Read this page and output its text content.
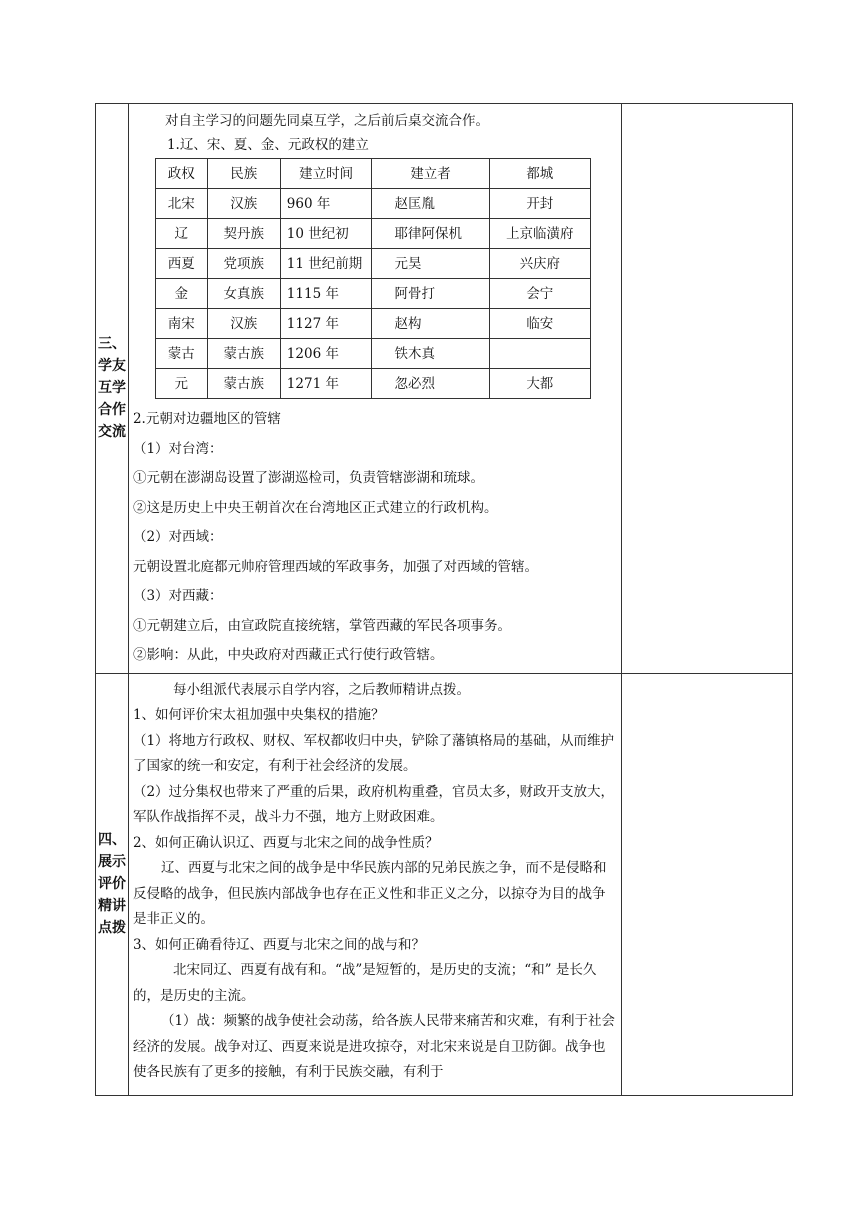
三、学友互学合作交流	

对自主学习的问题先同桌互学，之后前后桌交流合作。

1.辽、宋、夏、金、元政权的建立

政权	民族	建立时间	建立者	都城
北宋	汉族	960 年	赵匡胤	开封
辽	契丹族	10 世纪初	耶律阿保机	上京临潢府
西夏	党项族	11 世纪前期	元昊	兴庆府
金	女真族	1115 年	阿骨打	会宁
南宋	汉族	1127 年	赵构	临安
蒙古	蒙古族	1206 年	铁木真	
元	蒙古族	1271 年	忽必烈	大都

2.元朝对边疆地区的管辖

（1）对台湾：

①元朝在澎湖岛设置了澎湖巡检司，负责管辖澎湖和琉球。

②这是历史上中央王朝首次在台湾地区正式建立的行政机构。

（2）对西域：

元朝设置北庭都元帅府管理西域的军政事务，加强了对西域的管辖。

（3）对西藏：

①元朝建立后，由宣政院直接统辖，掌管西藏的军民各项事务。

②影响：从此，中央政府对西藏正式行使行政管辖。

四、展示评价精讲点拨	

每小组派代表展示自学内容，之后教师精讲点拨。

1、如何评价宋太祖加强中央集权的措施？

（1）将地方行政权、财权、军权都收归中央，铲除了藩镇格局的基础，从而维护了国家的统一和安定，有利于社会经济的发展。

（2）过分集权也带来了严重的后果，政府机构重叠，官员太多，财政开支放大，军队作战指挥不灵，战斗力不强，地方上财政困难。

2、如何正确认识辽、西夏与北宋之间的战争性质？

辽、西夏与北宋之间的战争是中华民族内部的兄弟民族之争，而不是侵略和反侵略的战争，但民族内部战争也存在正义性和非正义之分，以掠夺为目的战争是非正义的。

3、如何正确看待辽、西夏与北宋之间的战与和？

北宋同辽、西夏有战有和。“战”是短暂的，是历史的支流；“和” 是长久的，是历史的主流。

（1）战：频繁的战争使社会动荡，给各族人民带来痛苦和灾难，有利于社会经济的发展。战争对辽、西夏来说是进攻掠夺，对北宋来说是自卫防御。战争也使各民族有了更多的接触，有利于民族交融，有利于
